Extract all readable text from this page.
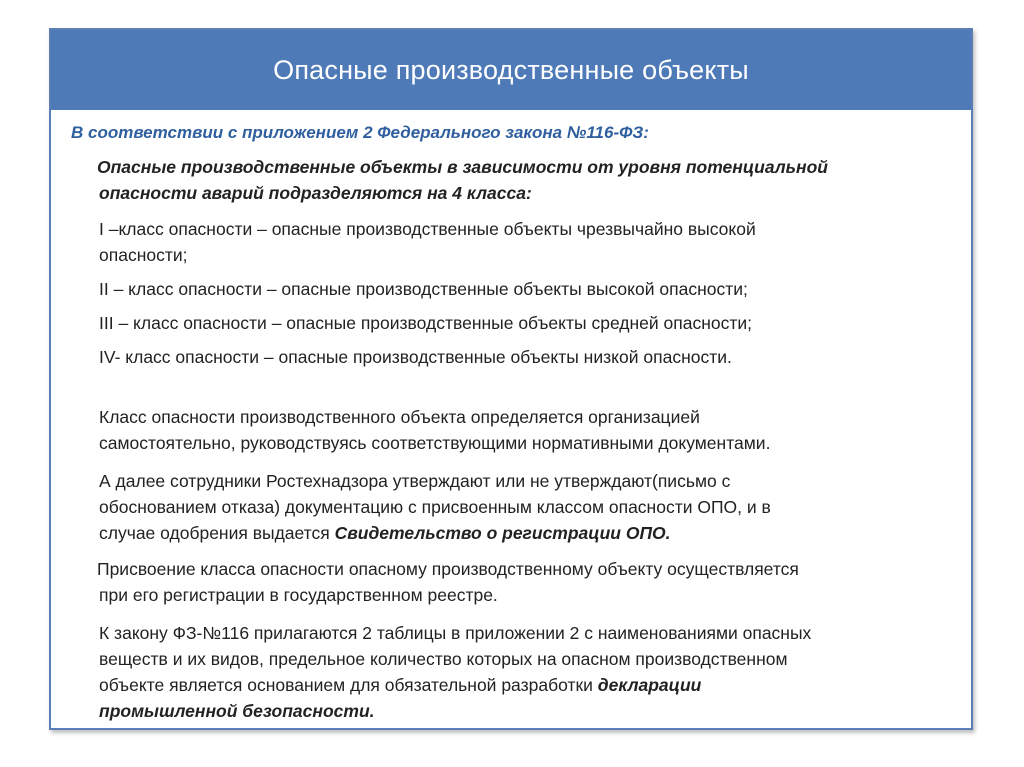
Опасные производственные объекты
В соответствии с приложением 2 Федерального закона №116-ФЗ:
Опасные производственные объекты в зависимости от уровня потенциальной
опасности аварий подразделяются на 4 класса:
I –класс опасности – опасные производственные объекты чрезвычайно высокой
опасности;
II – класс опасности – опасные производственные объекты высокой опасности;
III – класс опасности – опасные производственные объекты средней опасности;
IV- класс опасности – опасные производственные объекты низкой опасности.
Класс опасности производственного объекта определяется организацией
самостоятельно, руководствуясь соответствующими нормативными документами.
А далее сотрудники Ростехнадзора утверждают или не утверждают(письмо с
обоснованием отказа) документацию с присвоенным классом опасности ОПО, и в
случае одобрения выдается Свидетельство о регистрации ОПО.
Присвоение класса опасности опасному производственному объекту осуществляется
при его регистрации в государственном реестре.
К закону ФЗ-№116 прилагаются 2 таблицы в приложении 2 с наименованиями опасных
веществ и их видов, предельное количество которых на опасном производственном
объекте является основанием для обязательной разработки декларации
промышленной безопасности.
